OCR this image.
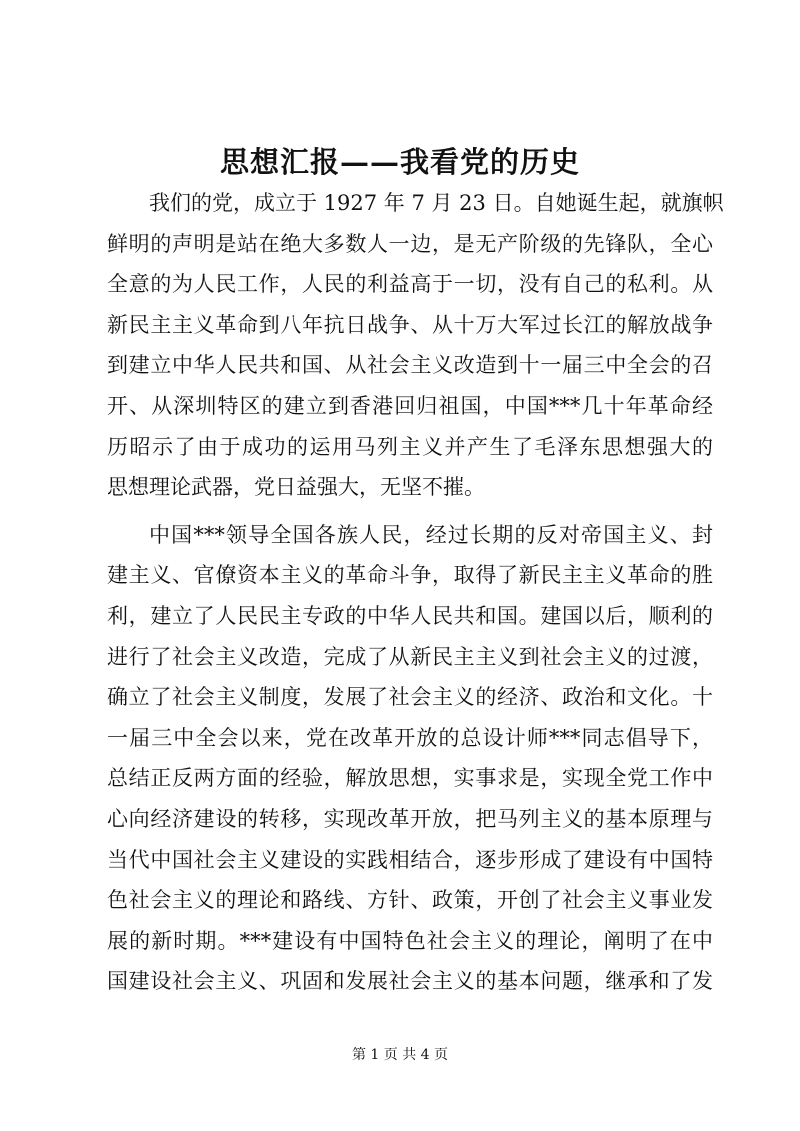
思想汇报——我看党的历史
我们的党，成立于 1927 年 7 月 23 日。自她诞生起，就旗帜
鲜明的声明是站在绝大多数人一边，是无产阶级的先锋队，全心
全意的为人民工作，人民的利益高于一切，没有自己的私利。从
新民主主义革命到八年抗日战争、从十万大军过长江的解放战争
到建立中华人民共和国、从社会主义改造到十一届三中全会的召
开、从深圳特区的建立到香港回归祖国，中国***几十年革命经
历昭示了由于成功的运用马列主义并产生了毛泽东思想强大的
思想理论武器，党日益强大，无坚不摧。
中国***领导全国各族人民，经过长期的反对帝国主义、封
建主义、官僚资本主义的革命斗争，取得了新民主主义革命的胜
利，建立了人民民主专政的中华人民共和国。建国以后，顺利的
进行了社会主义改造，完成了从新民主主义到社会主义的过渡，
确立了社会主义制度，发展了社会主义的经济、政治和文化。十
一届三中全会以来，党在改革开放的总设计师***同志倡导下，
总结正反两方面的经验，解放思想，实事求是，实现全党工作中
心向经济建设的转移，实现改革开放，把马列主义的基本原理与
当代中国社会主义建设的实践相结合，逐步形成了建设有中国特
色社会主义的理论和路线、方针、政策，开创了社会主义事业发
展的新时期。***建设有中国特色社会主义的理论，阐明了在中
国建设社会主义、巩固和发展社会主义的基本问题，继承和了发
第 1 页 共 4 页
